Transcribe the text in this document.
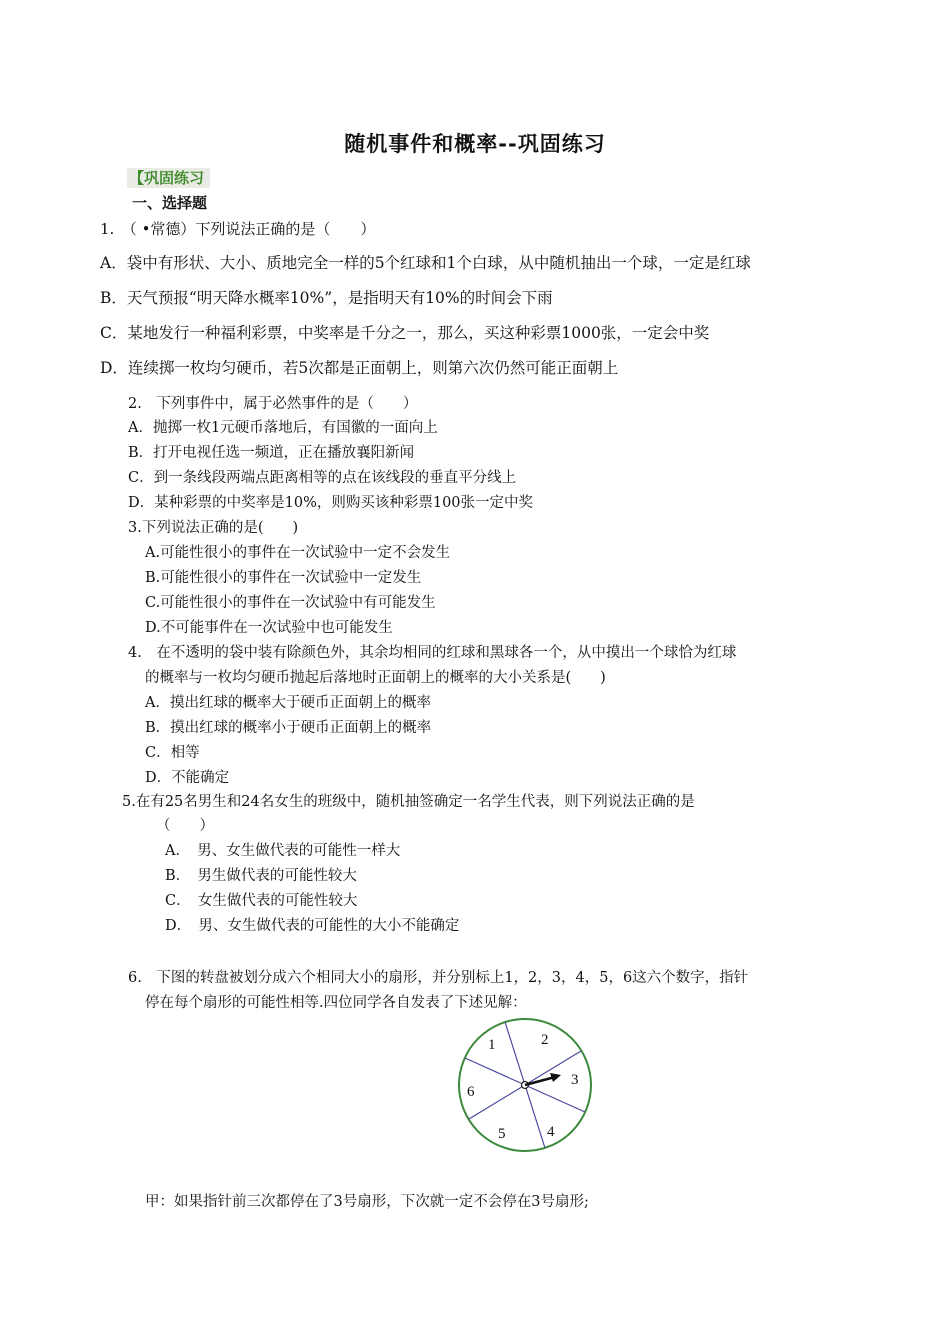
随机事件和概率--巩固练习
【巩固练习
一、选择题
1.　（ •常德）下列说法正确的是（　　）
A．袋中有形状、大小、质地完全一样的5个红球和1个白球，从中随机抽出一个球，一定是红球
B．天气预报“明天降水概率10%”，是指明天有10%的时间会下雨
C．某地发行一种福利彩票，中奖率是千分之一，那么，买这种彩票1000张，一定会中奖
D．连续掷一枚均匀硬币，若5次都是正面朝上，则第六次仍然可能正面朝上
2.　下列事件中，属于必然事件的是（　　）
A．抛掷一枚1元硬币落地后，有国徽的一面向上
B．打开电视任选一频道，正在播放襄阳新闻
C．到一条线段两端点距离相等的点在该线段的垂直平分线上
D．某种彩票的中奖率是10%，则购买该种彩票100张一定中奖
3.下列说法正确的是(　　)
A.可能性很小的事件在一次试验中一定不会发生
B.可能性很小的事件在一次试验中一定发生
C.可能性很小的事件在一次试验中有可能发生
D.不可能事件在一次试验中也可能发生
4.　在不透明的袋中装有除颜色外，其余均相同的红球和黑球各一个，从中摸出一个球恰为红球
的概率与一枚均匀硬币抛起后落地时正面朝上的概率的大小关系是(　　)
A．摸出红球的概率大于硬币正面朝上的概率
B．摸出红球的概率小于硬币正面朝上的概率
C．相等
D．不能确定
5.在有25名男生和24名女生的班级中，随机抽签确定一名学生代表，则下列说法正确的是
（　　）
A．　男、女生做代表的可能性一样大
B．　男生做代表的可能性较大
C．　女生做代表的可能性较大
D．　男、女生做代表的可能性的大小不能确定
6.　下图的转盘被划分成六个相同大小的扇形，并分别标上1，2，3，4，5，6这六个数字，指针
停在每个扇形的可能性相等.四位同学各自发表了下述见解：
1	2
3
4
5
6
甲：如果指针前三次都停在了3号扇形，下次就一定不会停在3号扇形;
